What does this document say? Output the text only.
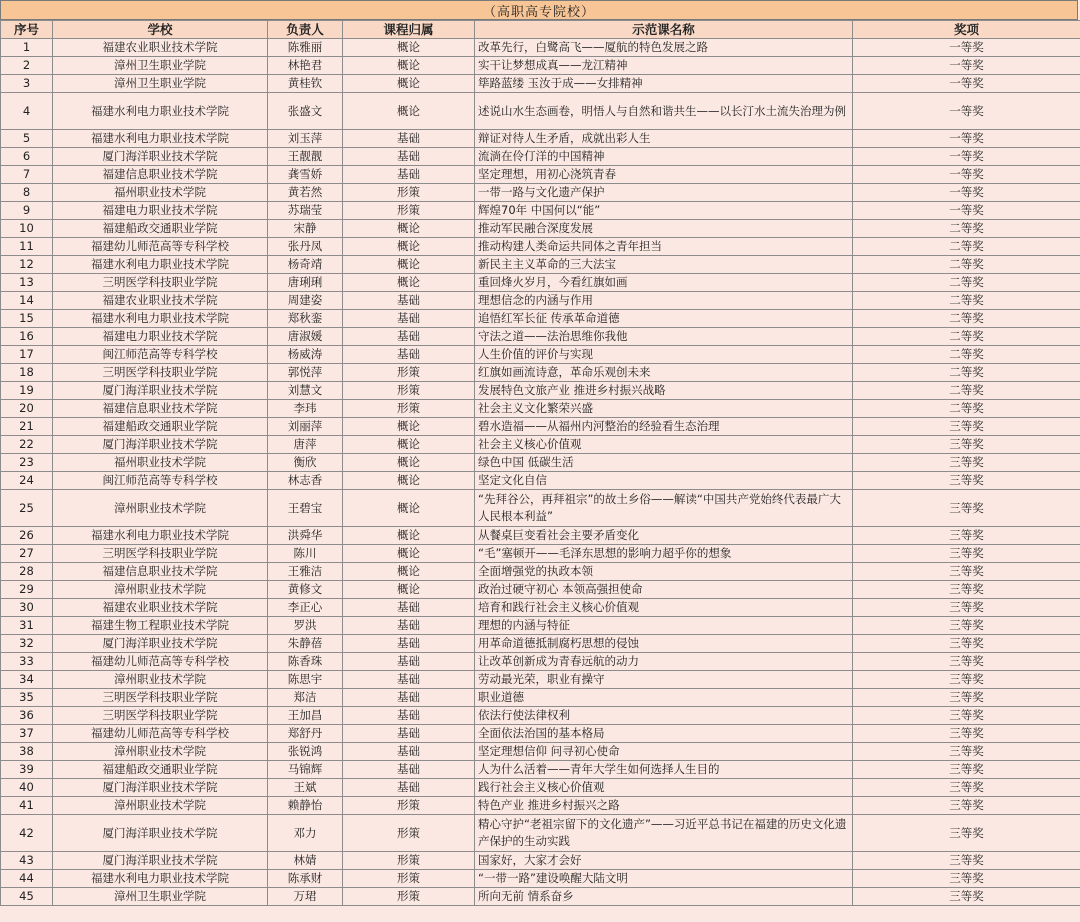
（高职高专院校）
序号	学校	负责人	课程归属	示范课名称	奖项
1	福建农业职业技术学院	陈雅丽	概论	改革先行，白鹭高飞——厦航的特色发展之路	一等奖
2	漳州卫生职业学院	林艳君	概论	实干让梦想成真——龙江精神	一等奖
3	漳州卫生职业学院	黄桂钦	概论	筚路蓝缕 玉汝于成——女排精神	一等奖
4	福建水利电力职业技术学院	张盛文	概论	述说山水生态画卷，明悟人与自然和谐共生——以长汀水土流失治理为例	一等奖
5	福建水利电力职业技术学院	刘玉萍	基础	辩证对待人生矛盾，成就出彩人生	一等奖
6	厦门海洋职业技术学院	王靓靓	基础	流淌在伶仃洋的中国精神	一等奖
7	福建信息职业技术学院	龚雪娇	基础	坚定理想，用初心浇筑青春	一等奖
8	福州职业技术学院	黄若然	形策	一带一路与文化遗产保护	一等奖
9	福建电力职业技术学院	苏瑞莹	形策	辉煌70年 中国何以“能”	一等奖
10	福建船政交通职业学院	宋静	概论	推动军民融合深度发展	二等奖
11	福建幼儿师范高等专科学校	张丹凤	概论	推动构建人类命运共同体之青年担当	二等奖
12	福建水利电力职业技术学院	杨奇靖	概论	新民主主义革命的三大法宝	二等奖
13	三明医学科技职业学院	唐琍琍	概论	重回烽火岁月，今看红旗如画	二等奖
14	福建农业职业技术学院	周建姿	基础	理想信念的内涵与作用	二等奖
15	福建水利电力职业技术学院	郑秋銮	基础	追悟红军长征 传承革命道德	二等奖
16	福建电力职业技术学院	唐淑媛	基础	守法之道——法治思维你我他	二等奖
17	闽江师范高等专科学校	杨威涛	基础	人生价值的评价与实现	二等奖
18	三明医学科技职业学院	郭悦萍	形策	红旗如画流诗意，革命乐观创未来	二等奖
19	厦门海洋职业技术学院	刘慧文	形策	发展特色文旅产业 推进乡村振兴战略	二等奖
20	福建信息职业技术学院	李玮	形策	社会主义文化繁荣兴盛	二等奖
21	福建船政交通职业学院	刘丽萍	概论	碧水造福——从福州内河整治的经验看生态治理	三等奖
22	厦门海洋职业技术学院	唐萍	概论	社会主义核心价值观	三等奖
23	福州职业技术学院	衡欣	概论	绿色中国 低碳生活	三等奖
24	闽江师范高等专科学校	林志香	概论	坚定文化自信	三等奖
25	漳州职业技术学院	王碧宝	概论	“先拜谷公，再拜祖宗”的故土乡俗——解读“中国共产党始终代表最广大人民根本利益”	三等奖
26	福建水利电力职业技术学院	洪舜华	概论	从餐桌巨变看社会主要矛盾变化	三等奖
27	三明医学科技职业学院	陈川	概论	“毛”塞顿开——毛泽东思想的影响力超乎你的想象	三等奖
28	福建信息职业技术学院	王雅洁	概论	全面增强党的执政本领	三等奖
29	漳州职业技术学院	黄修文	概论	政治过硬守初心 本领高强担使命	三等奖
30	福建农业职业技术学院	李正心	基础	培育和践行社会主义核心价值观	三等奖
31	福建生物工程职业技术学院	罗洪	基础	理想的内涵与特征	三等奖
32	厦门海洋职业技术学院	朱静蓓	基础	用革命道德抵制腐朽思想的侵蚀	三等奖
33	福建幼儿师范高等专科学校	陈香珠	基础	让改革创新成为青春远航的动力	三等奖
34	漳州职业技术学院	陈思宇	基础	劳动最光荣，职业有操守	三等奖
35	三明医学科技职业学院	郑洁	基础	职业道德	三等奖
36	三明医学科技职业学院	王加昌	基础	依法行使法律权利	三等奖
37	福建幼儿师范高等专科学校	郑舒丹	基础	全面依法治国的基本格局	三等奖
38	漳州职业技术学院	张锐鸿	基础	坚定理想信仰 问寻初心使命	三等奖
39	福建船政交通职业学院	马锦辉	基础	人为什么活着——青年大学生如何选择人生目的	三等奖
40	厦门海洋职业技术学院	王斌	基础	践行社会主义核心价值观	三等奖
41	漳州职业技术学院	赖静怡	形策	特色产业 推进乡村振兴之路	三等奖
42	厦门海洋职业技术学院	邓力	形策	精心守护“老祖宗留下的文化遗产”——习近平总书记在福建的历史文化遗产保护的生动实践	三等奖
43	厦门海洋职业技术学院	林婧	形策	国家好，大家才会好	三等奖
44	福建水利电力职业技术学院	陈承财	形策	“一带一路”建设唤醒大陆文明	三等奖
45	漳州卫生职业学院	万珺	形策	所向无前 情系奋乡	三等奖
